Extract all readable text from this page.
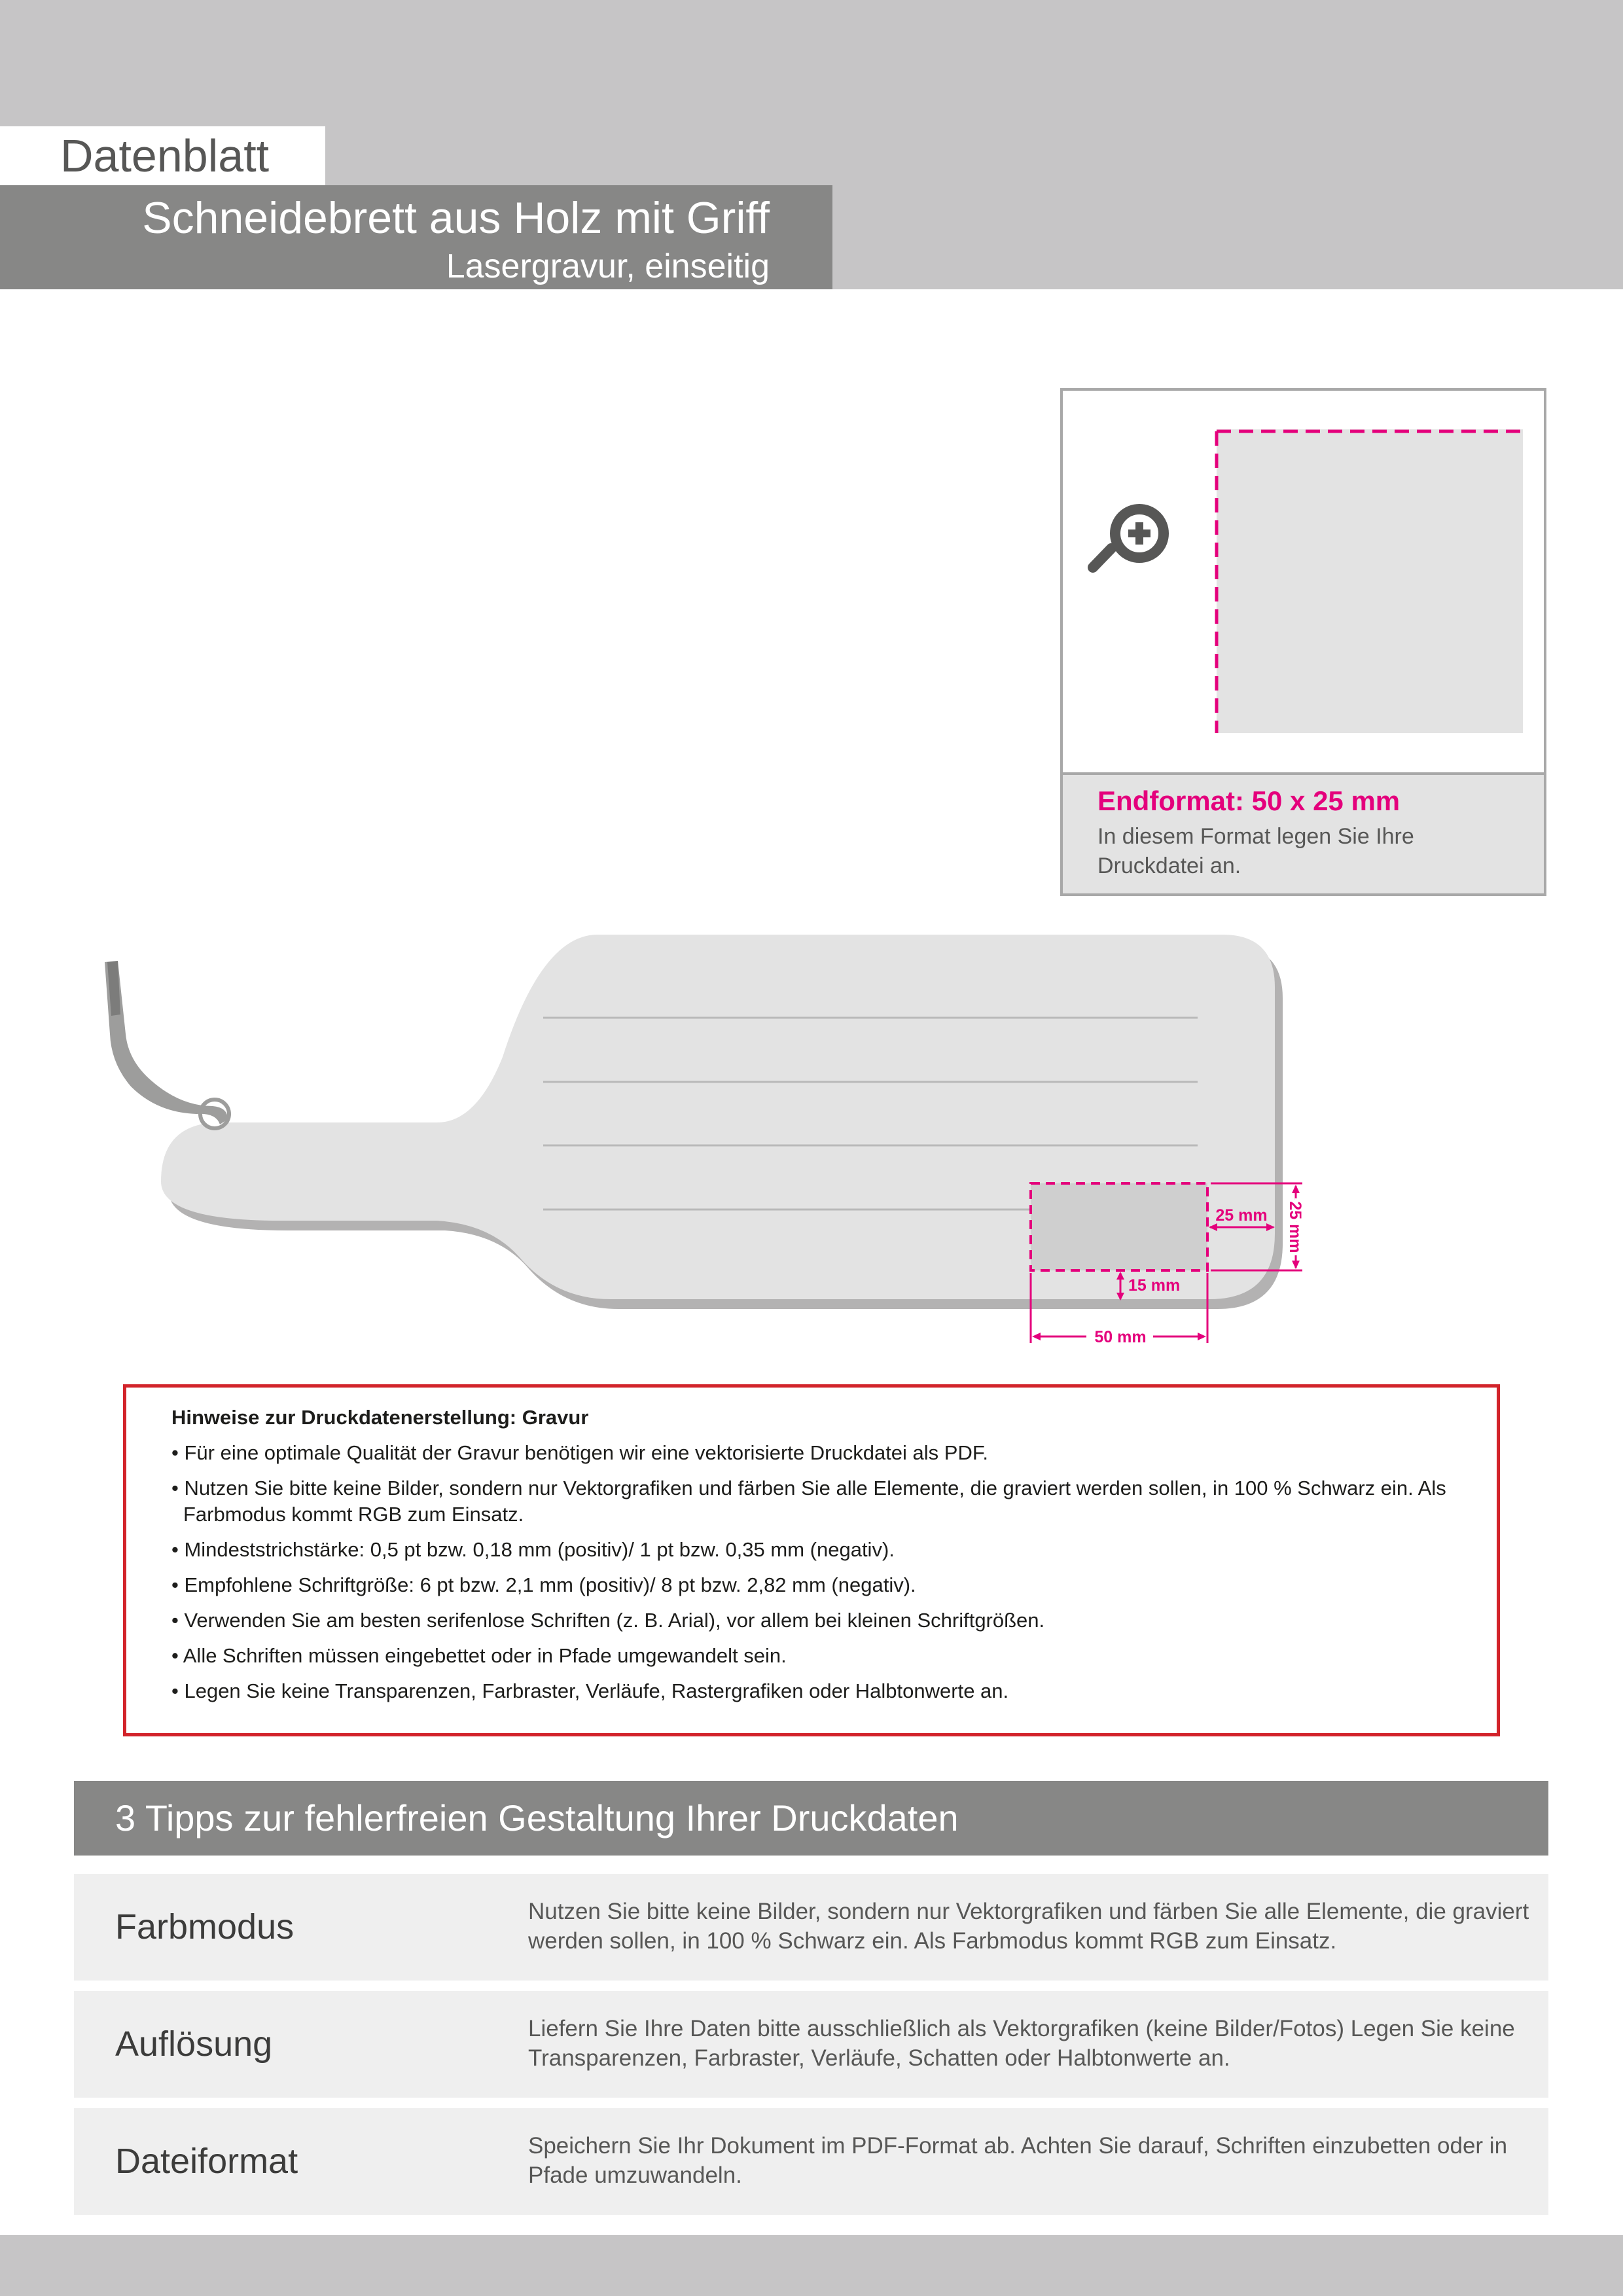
Datenblatt
Schneidebrett aus Holz mit Griff
Lasergravur, einseitig
Endformat: 50 x 25 mm
In diesem Format legen Sie Ihre Druckdatei an.
50 mm
15 mm
25 mm 25 mm
Hinweise zur Druckdatenerstellung: Gravur

• Für eine optimale Qualität der Gravur benötigen wir eine vektorisierte Druckdatei als PDF.

• Nutzen Sie bitte keine Bilder, sondern nur Vektorgrafiken und färben Sie alle Elemente, die graviert werden sollen, in 100 % Schwarz ein. Als Farbmodus kommt RGB zum Einsatz.

• Mindeststrichstärke: 0,5 pt bzw. 0,18 mm (positiv)/ 1 pt bzw. 0,35 mm (negativ).

• Empfohlene Schriftgröße: 6 pt bzw. 2,1 mm (positiv)/ 8 pt bzw. 2,82 mm (negativ).

• Verwenden Sie am besten serifenlose Schriften (z. B. Arial), vor allem bei kleinen Schriftgrößen.

• Alle Schriften müssen eingebettet oder in Pfade umgewandelt sein.

• Legen Sie keine Transparenzen, Farbraster, Verläufe, Rastergrafiken oder Halbtonwerte an.

3 Tipps zur fehlerfreien Gestaltung Ihrer Druckdaten
Farbmodus	Nutzen Sie bitte keine Bilder, sondern nur Vektorgrafiken und färben Sie alle Elemente, die graviert werden sollen, in 100 % Schwarz ein. Als Farbmodus kommt RGB zum Einsatz.
Auflösung	Liefern Sie Ihre Daten bitte ausschließlich als Vektorgrafiken (keine Bilder/Fotos) Legen Sie keine Transparenzen, Farbraster, Verläufe, Schatten oder Halbtonwerte an.
Dateiformat	Speichern Sie Ihr Dokument im PDF-Format ab. Achten Sie darauf, Schriften einzubetten oder in Pfade umzuwandeln.
